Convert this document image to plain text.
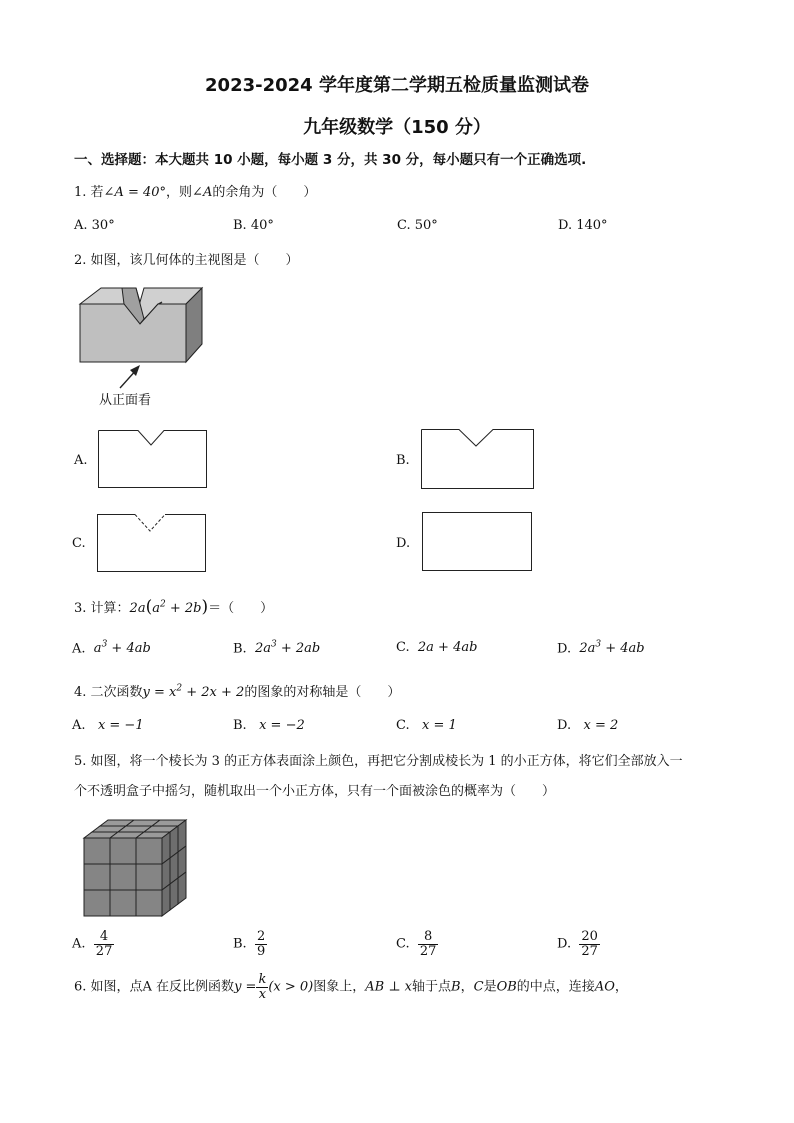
2023-2024 学年度第二学期五检质量监测试卷
九年级数学（150 分）
一、选择题：本大题共 10 小题，每小题 3 分，共 30 分，每小题只有一个正确选项.
1. 若∠A = 40°，则∠A的余角为（　　）
A. 30°	B. 40°	C. 50°	D. 140°
2. 如图，该几何体的主视图是（　　）
从正面看
A.	B.
C.	D.
3. 计算：$2a(a^2 + 2b)=$（　　）
A. $a^3 + 4ab$	B. $2a^3 + 2ab$	C. 2a + 4ab	D. $2a^3 + 4ab$
4. 二次函数$y = x^2 + 2x + 2$的图象的对称轴是（　　）
A. x = −1	B. x = −2	C. x = 1	D. x = 2
5. 如图，将一个棱长为 3 的正方体表面涂上颜色，再把它分割成棱长为 1 的小正方体，将它们全部放入一
个不透明盒子中摇匀，随机取出一个小正方体，只有一个面被涂色的概率为（　　）
A. $\frac{4}{27}$	B. $\frac{2}{9}$	C. $\frac{8}{27}$	D. $\frac{20}{27}$
6. 如图，点A 在反比例函数$y = \frac{k}{x} (x > 0)$图象上，AB ⊥ x轴于点B，C是OB的中点，连接AO，
